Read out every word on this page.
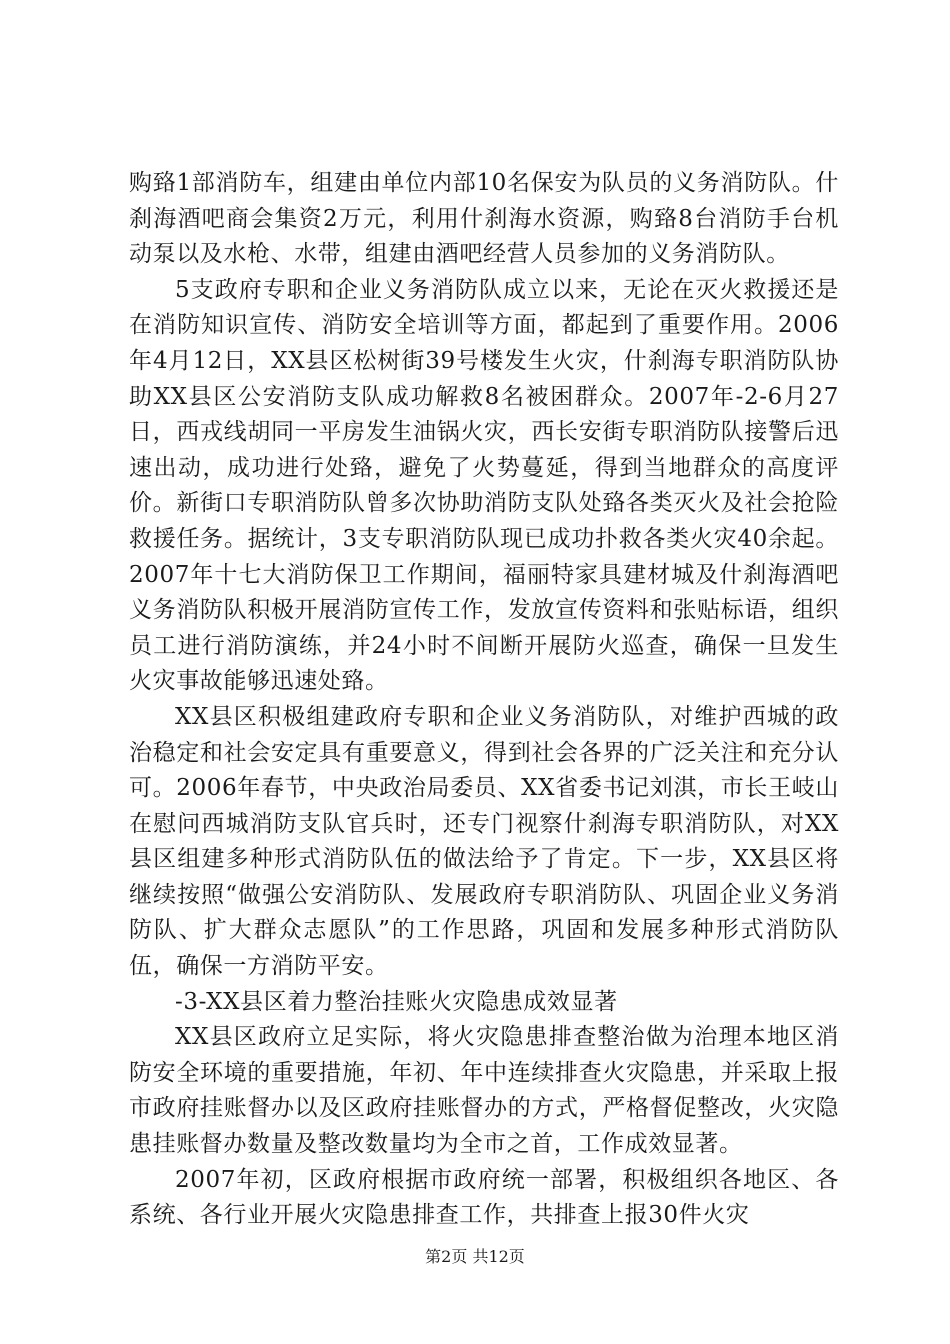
购臵1部消防车，组建由单位内部10名保安为队员的义务消防队。什刹海酒吧商会集资2万元，利用什刹海水资源，购臵8台消防手台机动泵以及水枪、水带，组建由酒吧经营人员参加的义务消防队。

5支政府专职和企业义务消防队成立以来，无论在灭火救援还是在消防知识宣传、消防安全培训等方面，都起到了重要作用。2006年4月12日，XX县区松树街39号楼发生火灾，什刹海专职消防队协助XX县区公安消防支队成功解救8名被困群众。2007年-2-6月27日，西戎线胡同一平房发生油锅火灾，西长安街专职消防队接警后迅速出动，成功进行处臵，避免了火势蔓延，得到当地群众的高度评价。新街口专职消防队曾多次协助消防支队处臵各类灭火及社会抢险救援任务。据统计，3支专职消防队现已成功扑救各类火灾40余起。2007年十七大消防保卫工作期间，福丽特家具建材城及什刹海酒吧义务消防队积极开展消防宣传工作，发放宣传资料和张贴标语，组织员工进行消防演练，并24小时不间断开展防火巡查，确保一旦发生火灾事故能够迅速处臵。

XX县区积极组建政府专职和企业义务消防队，对维护西城的政治稳定和社会安定具有重要意义，得到社会各界的广泛关注和充分认可。2006年春节，中央政治局委员、XX省委书记刘淇，市长王岐山在慰问西城消防支队官兵时，还专门视察什刹海专职消防队，对XX县区组建多种形式消防队伍的做法给予了肯定。下一步，XX县区将继续按照“做强公安消防队、发展政府专职消防队、巩固企业义务消防队、扩大群众志愿队”的工作思路，巩固和发展多种形式消防队伍，确保一方消防平安。

-3-XX县区着力整治挂账火灾隐患成效显著

XX县区政府立足实际，将火灾隐患排查整治做为治理本地区消防安全环境的重要措施，年初、年中连续排查火灾隐患，并采取上报市政府挂账督办以及区政府挂账督办的方式，严格督促整改，火灾隐患挂账督办数量及整改数量均为全市之首，工作成效显著。

2007年初，区政府根据市政府统一部署，积极组织各地区、各系统、各行业开展火灾隐患排查工作，共排查上报30件火灾

第2页 共12页
